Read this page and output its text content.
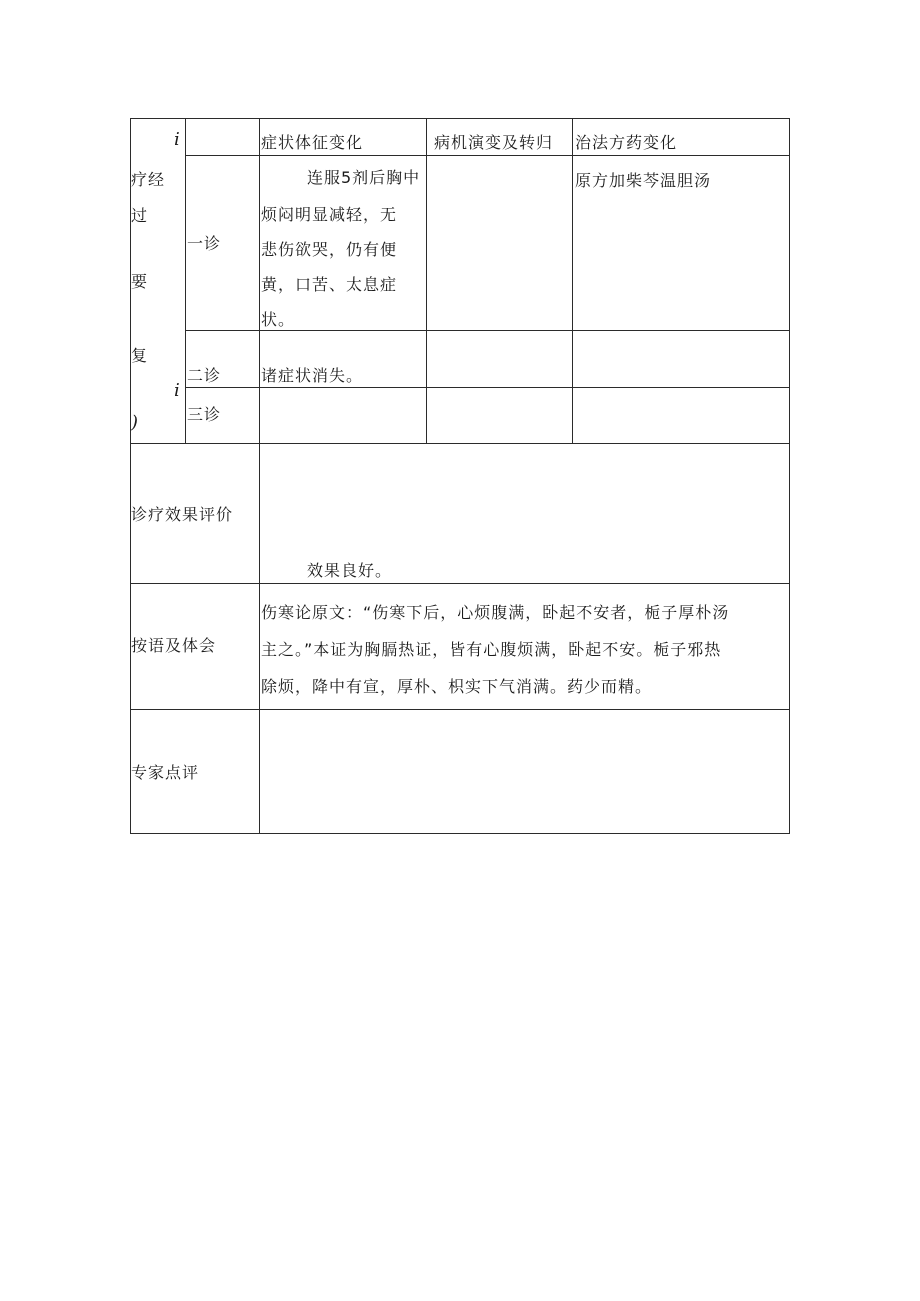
i
疗经
过
要
复
i
)
症状体征变化	病机演变及转归 治法方药变化
一诊
连服5剂后胸中
烦闷明显减轻，无
悲伤欲哭，仍有便
黄，口苦、太息症
状。
原方加柴芩温胆汤
二诊 诸症状消失。
三诊
诊疗效果评价
效果良好。
按语及体会
伤寒论原文：“伤寒下后，心烦腹满，卧起不安者，栀子厚朴汤
主之。”本证为胸膈热证，皆有心腹烦满，卧起不安。栀子邪热
除烦，降中有宣，厚朴、枳实下气消满。药少而精。
专家点评
